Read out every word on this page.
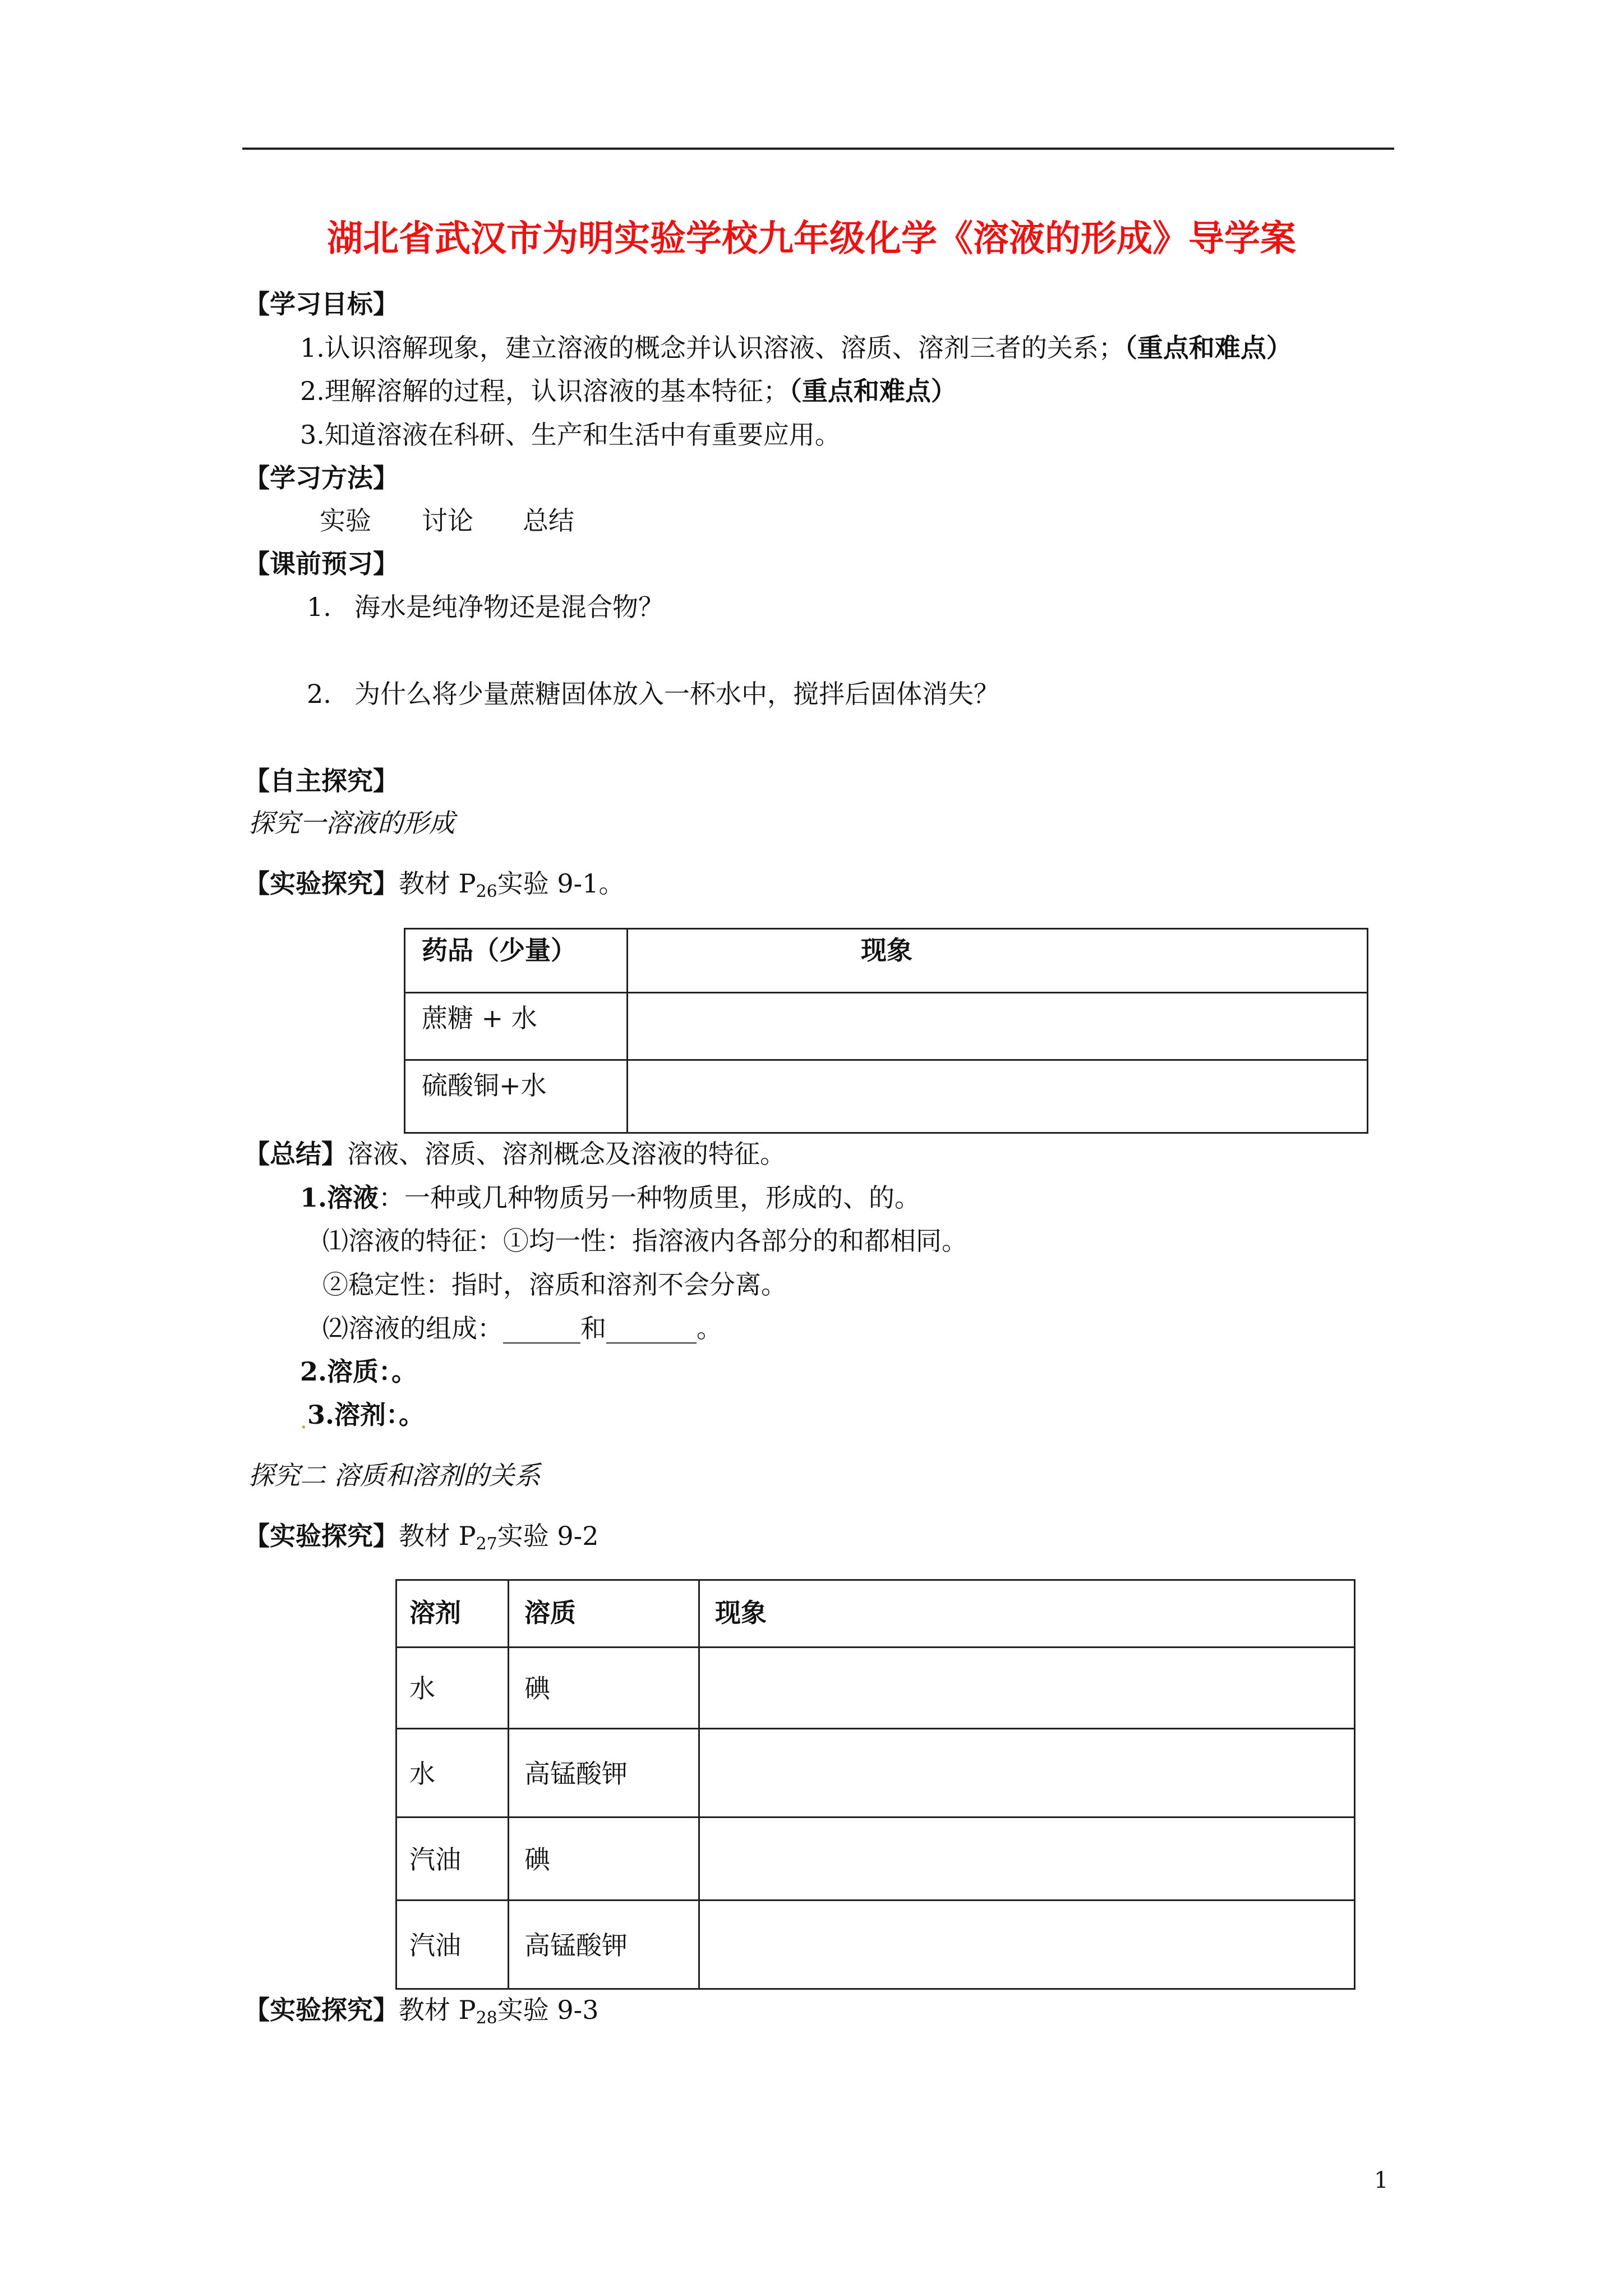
湖北省武汉市为明实验学校九年级化学《溶液的形成》导学案
【学习目标】
1.认识溶解现象，建立溶液的概念并认识溶液、溶质、溶剂三者的关系；（重点和难点）
2.理解溶解的过程，认识溶液的基本特征；（重点和难点）
3.知道溶液在科研、生产和生活中有重要应用。
【学习方法】
实验 讨论 总结
【课前预习】
1. 海水是纯净物还是混合物？
2. 为什么将少量蔗糖固体放入一杯水中，搅拌后固体消失？
【自主探究】
探究一溶液的形成
【实验探究】教材 $P_{26}$实验 9-1。
药品（少量）	现象
蔗糖 + 水
硫酸铜+水
【总结】溶液、溶质、溶剂概念及溶液的特征。
1.溶液：一种或几种物质另一种物质里，形成的、的。
⑴溶液的特征：①均一性：指溶液内各部分的和都相同。
②稳定性：指时，溶质和溶剂不会分离。
⑵溶液的组成：______和_______。
2.溶质：。
3.溶剂：。
.
探究二 溶质和溶剂的关系
【实验探究】教材 $P_{27}$实验 9-2
溶剂 溶质	现象
水	碘
水	高锰酸钾
汽油 碘
汽油 高锰酸钾
【实验探究】教材 $P_{28}$实验 9-3
1
